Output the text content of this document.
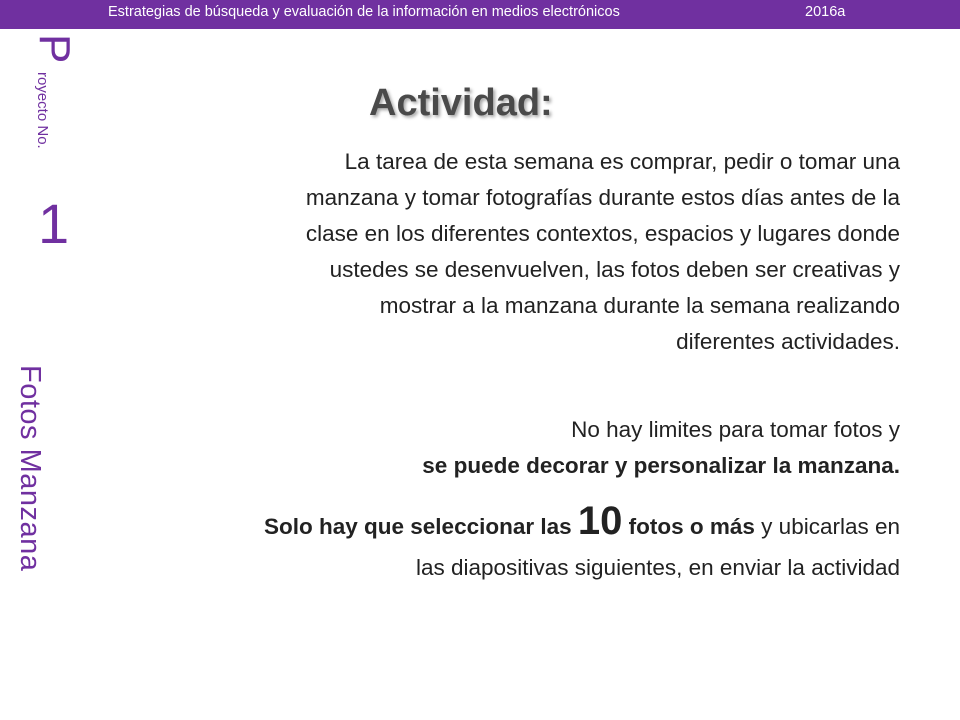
Estrategias de búsqueda y evaluación de la información en medios electrónicos	2016a
P
royecto No.
1
Fotos Manzana
Actividad:
La tarea de esta semana es comprar, pedir o tomar una
manzana y tomar fotografías durante estos días antes de la
clase en los diferentes contextos, espacios y lugares donde
ustedes se desenvuelven, las fotos deben ser creativas y
mostrar a la manzana durante la semana realizando
diferentes actividades.
No hay limites para tomar fotos y
se puede decorar y personalizar la manzana.
Solo hay que seleccionar las 10 fotos o más y ubicarlas en
las diapositivas siguientes, en enviar la actividad
